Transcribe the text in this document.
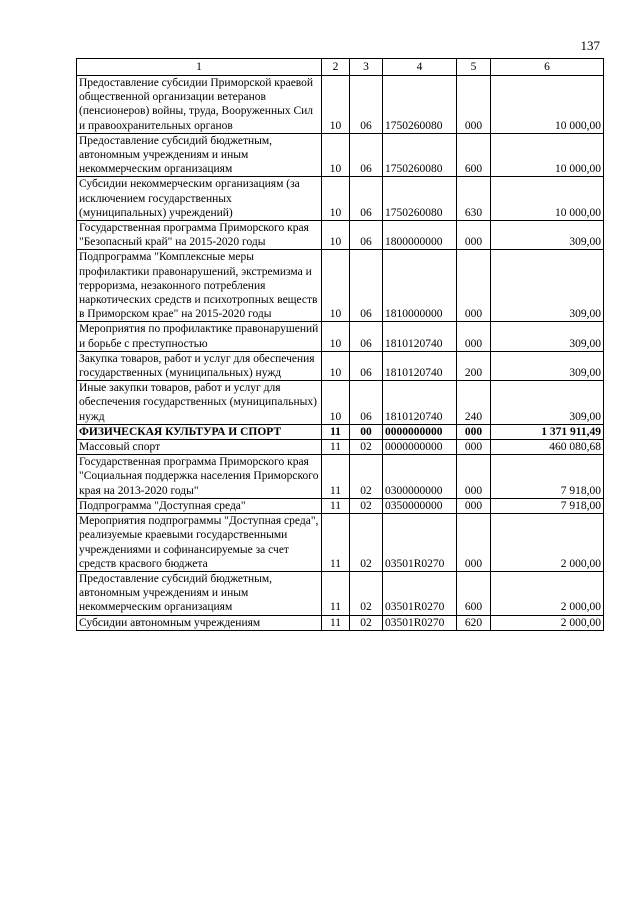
137
1	2	3	4	5	6
Предоставление субсидии Приморской краевой общественной организации ветеранов (пенсионеров) войны, труда, Вооруженных Сил и правоохранительных органов	10	06	1750260080	000	10 000,00
Предоставление субсидий бюджетным, автономным учреждениям и иным некоммерческим организациям	10	06	1750260080	600	10 000,00
Субсидии некоммерческим организациям (за исключением государственных (муниципальных) учреждений)	10	06	1750260080	630	10 000,00
Государственная программа Приморского края "Безопасный край" на 2015-2020 годы	10	06	1800000000	000	309,00
Подпрограмма "Комплексные меры профилактики правонарушений, экстремизма и терроризма, незаконного потребления наркотических средств и психотропных веществ в Приморском крае" на 2015-2020 годы	10	06	1810000000	000	309,00
Мероприятия по профилактике правонарушений и борьбе с преступностью	10	06	1810120740	000	309,00
Закупка товаров, работ и услуг для обеспечения государственных (муниципальных) нужд	10	06	1810120740	200	309,00
Иные закупки товаров, работ и услуг для обеспечения государственных (муниципальных) нужд	10	06	1810120740	240	309,00
ФИЗИЧЕСКАЯ КУЛЬТУРА И СПОРТ	11	00	0000000000	000	1 371 911,49
Массовый спорт	11	02	0000000000	000	460 080,68
Государственная программа Приморского края "Социальная поддержка населения Приморского края на 2013-2020 годы"	11	02	0300000000	000	7 918,00
Подпрограмма "Доступная среда"	11	02	0350000000	000	7 918,00
Мероприятия подпрограммы "Доступная среда", реализуемые краевыми государственными учреждениями и софинансируемые за счет средств красвого бюджета	11	02	03501R0270	000	2 000,00
Предоставление субсидий бюджетным, автономным учреждениям и иным некоммерческим организациям	11	02	03501R0270	600	2 000,00
Субсидии автономным учреждениям	11	02	03501R0270	620	2 000,00
